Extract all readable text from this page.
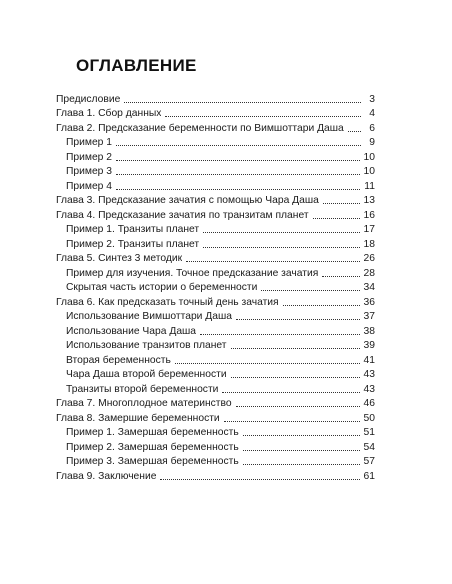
ОГЛАВЛЕНИЕ
Предисловие	3
Глава 1. Сбор данных	4
Глава 2. Предсказание беременности по Вимшоттари Даша	6
Пример 1	9
Пример 2	10
Пример 3	10
Пример 4	11
Глава 3. Предсказание зачатия с помощью Чара Даша	13
Глава 4. Предсказание зачатия по транзитам планет	16
Пример 1. Транзиты планет	17
Пример 2. Транзиты планет	18
Глава 5. Синтез 3 методик	26
Пример для изучения. Точное предсказание зачатия	28
Скрытая часть истории о беременности	34
Глава 6. Как предсказать точный день зачатия	36
Использование Вимшоттари Даша	37
Использование Чара Даша	38
Использование транзитов планет	39
Вторая беременность	41
Чара Даша второй беременности	43
Транзиты второй беременности	43
Глава 7. Многоплодное материнство	46
Глава 8. Замершие беременности	50
Пример 1. Замершая беременность	51
Пример 2. Замершая беременность	54
Пример 3. Замершая беременность	57
Глава 9. Заключение	61
